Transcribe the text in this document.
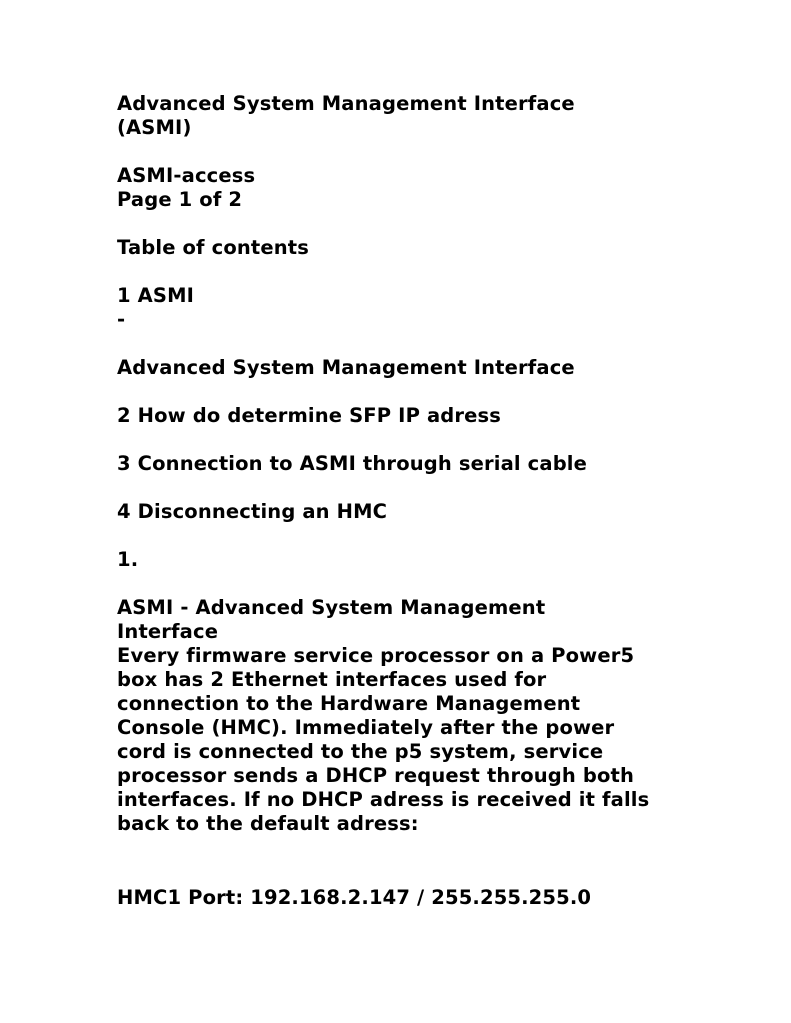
Advanced System Management Interface
(ASMI)
ASMI-access
Page 1 of 2
Table of contents
1 ASMI
-
Advanced System Management Interface
2 How do determine SFP IP adress
3 Connection to ASMI through serial cable
4 Disconnecting an HMC
1.
ASMI - Advanced System Management
Interface
Every firmware service processor on a Power5
box has 2 Ethernet interfaces used for
connection to the Hardware Management
Console (HMC). Immediately after the power
cord is connected to the p5 system, service
processor sends a DHCP request through both
interfaces. If no DHCP adress is received it falls
back to the default adress:
HMC1 Port: 192.168.2.147 / 255.255.255.0
